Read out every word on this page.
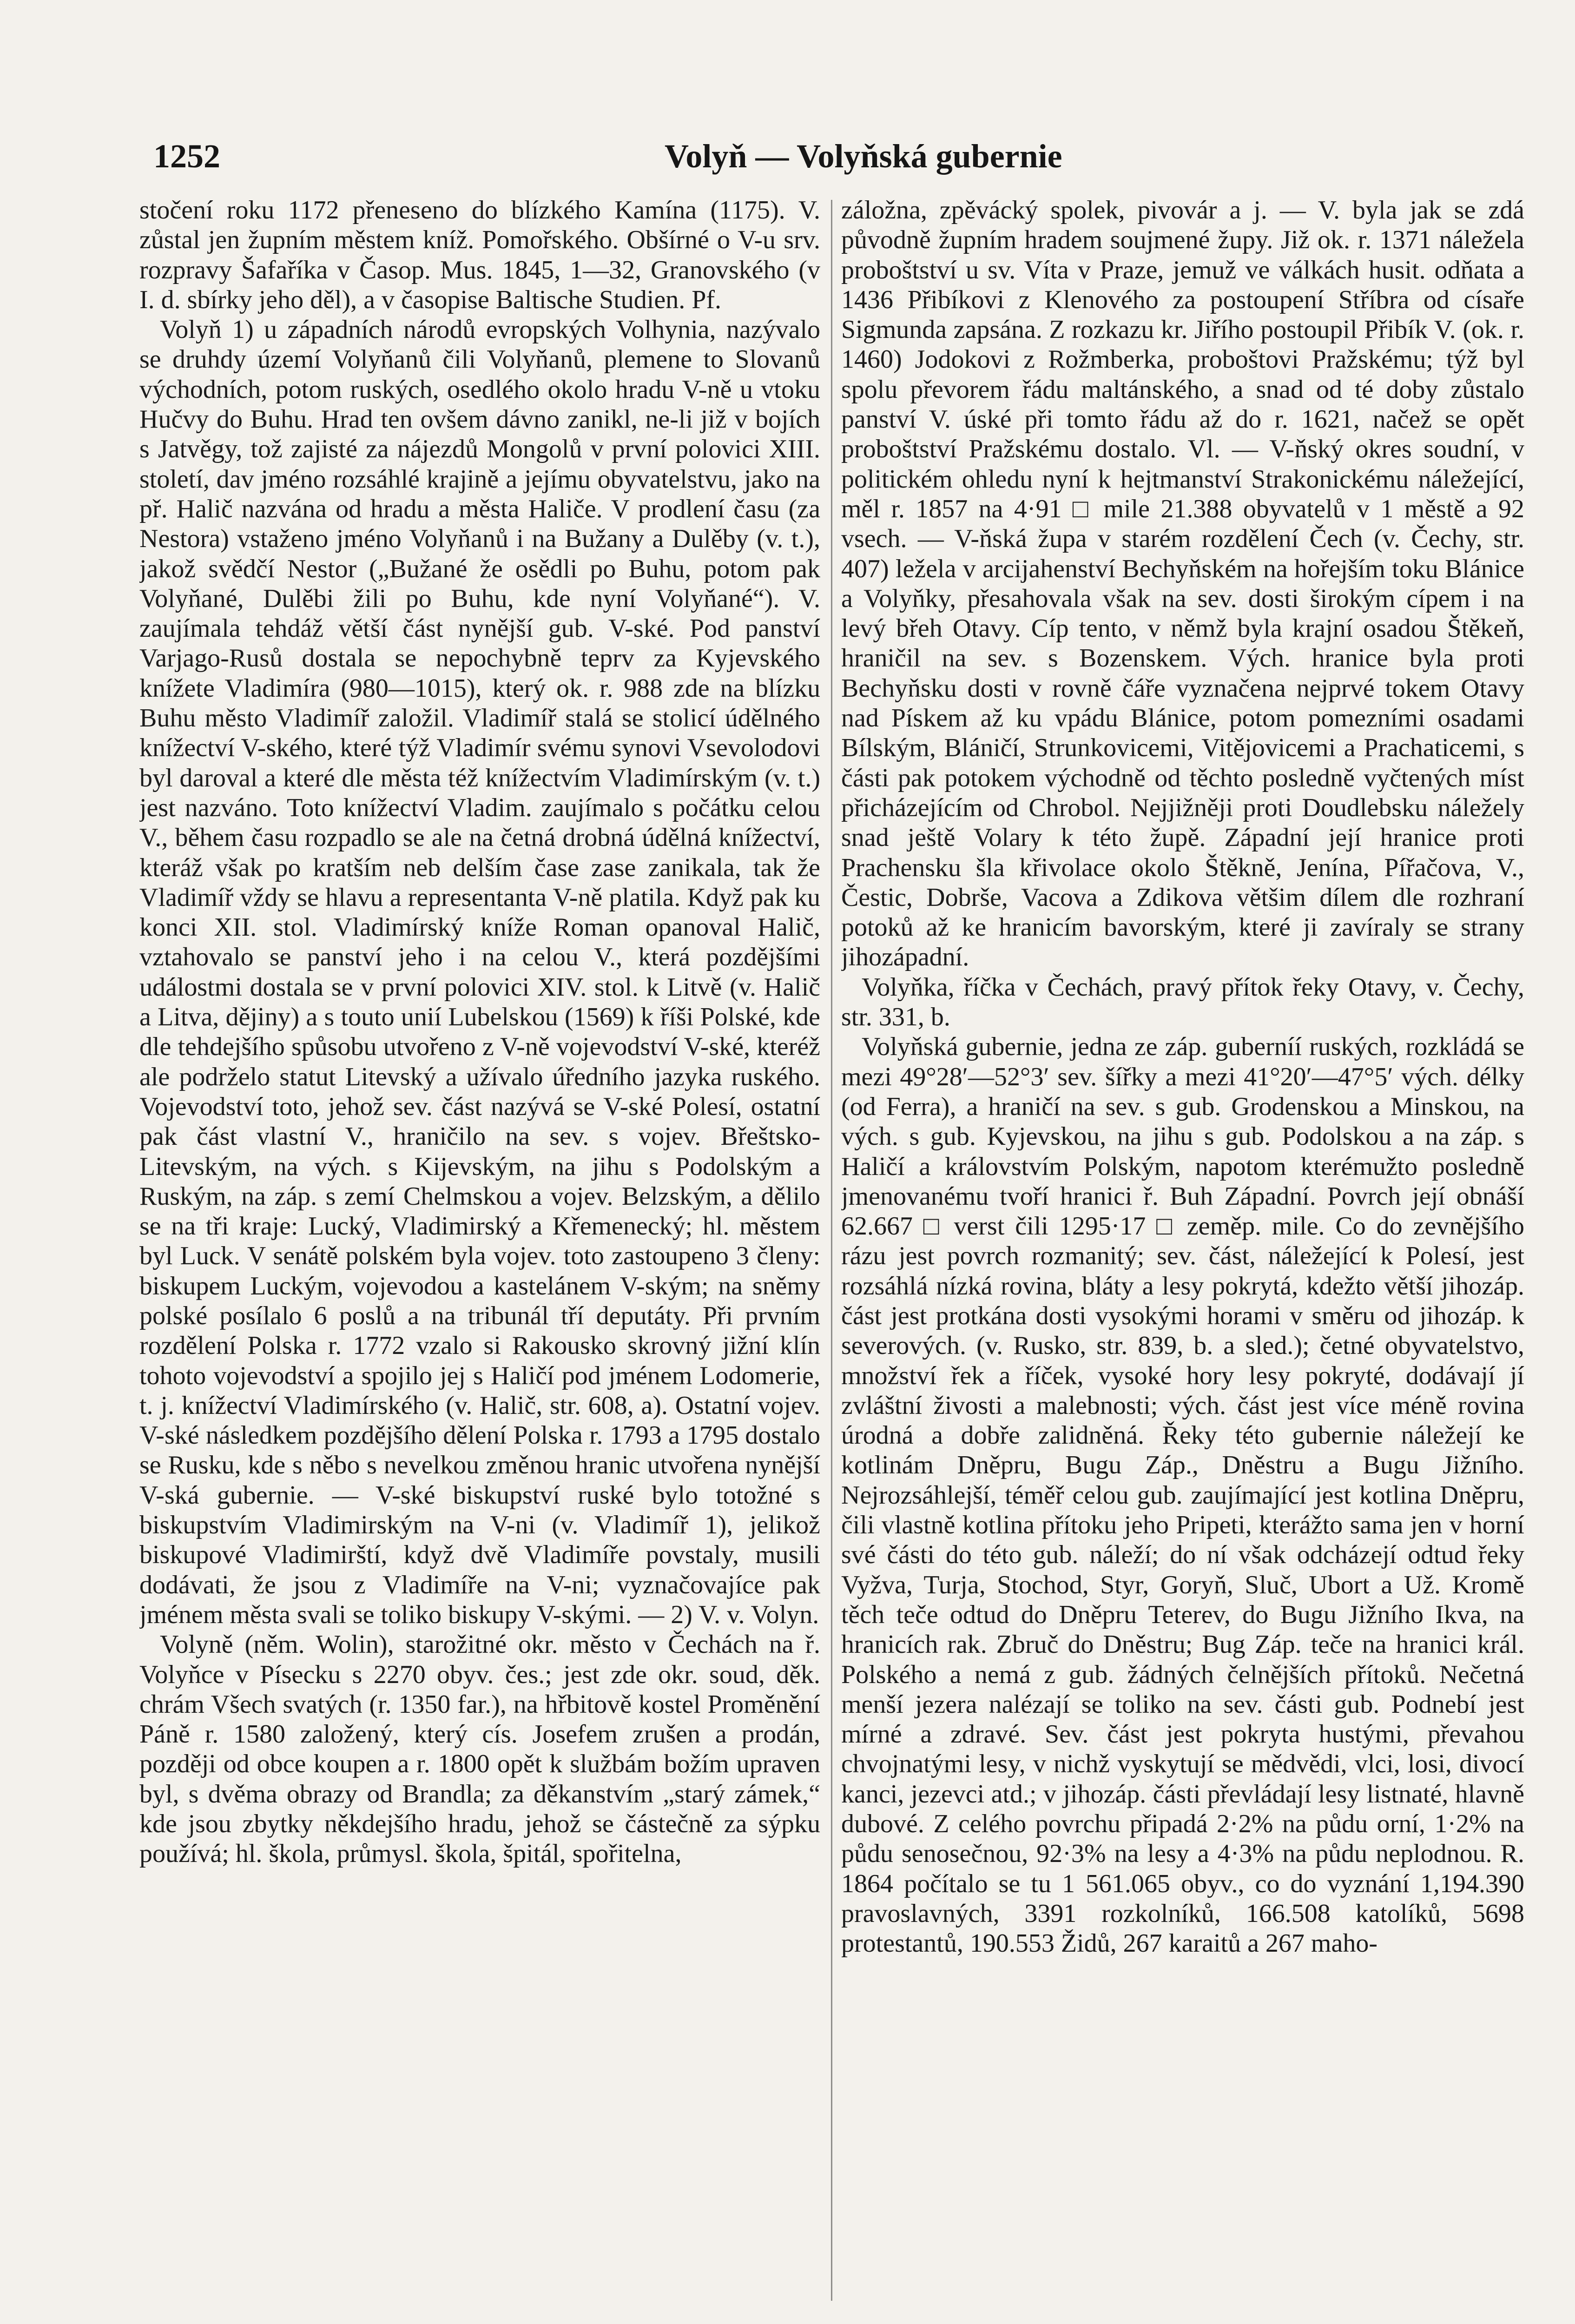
1252	Volyň — Volyňská gubernie

stočení roku 1172 přeneseno do blízkého Kamína (1175). V. zůstal jen župním městem kníž. Pomořského. Obšírné o V-u srv. rozpravy Šafaříka v Časop. Mus. 1845, 1—32, Granovského (v I. d. sbírky jeho děl), a v časopise Baltische Studien. Pf.

Volyň 1) u západních národů evropských Volhynia, nazývalo se druhdy území Volyňanů čili Volyňanů, plemene to Slovanů východních, potom ruských, osedlého okolo hradu V-ně u vtoku Hučvy do Buhu. Hrad ten ovšem dávno zanikl, ne-li již v bojích s Jatvěgy, tož zajisté za nájezdů Mongolů v první polovici XIII. století, dav jméno rozsáhlé krajině a jejímu obyvatelstvu, jako na př. Halič nazvána od hradu a města Haliče. V prodlení času (za Nestora) vstaženo jméno Volyňanů i na Bužany a Dulěby (v. t.), jakož svědčí Nestor („Bužané že osědli po Buhu, potom pak Volyňané, Dulěbi žili po Buhu, kde nyní Volyňané“). V. zaujímala tehdáž větší část nynější gub. V-ské. Pod panství Varjago-Rusů dostala se nepochybně teprv za Kyjevského knížete Vladimíra (980—1015), který ok. r. 988 zde na blízku Buhu město Vladimíř založil. Vladimíř stalá se stolicí údělného knížectví V-ského, které týž Vladimír svému synovi Vsevolodovi byl daroval a které dle města též knížectvím Vladimírským (v. t.) jest nazváno. Toto knížectví Vladim. zaujímalo s počátku celou V., během času rozpadlo se ale na četná drobná údělná knížectví, kteráž však po kratším neb delším čase zase zanikala, tak že Vladimíř vždy se hlavu a representanta V-ně platila. Když pak ku konci XII. stol. Vladimírský kníže Roman opanoval Halič, vztahovalo se panství jeho i na celou V., která pozdějšími událostmi dostala se v první polovici XIV. stol. k Litvě (v. Halič a Litva, dějiny) a s touto unií Lubelskou (1569) k říši Polské, kde dle tehdejšího spůsobu utvořeno z V-ně vojevodství V-ské, kteréž ale podrželo statut Litevský a užívalo úředního jazyka ruského. Vojevodství toto, jehož sev. část nazývá se V-ské Polesí, ostatní pak část vlastní V., hraničilo na sev. s vojev. Břeštsko-Litevským, na vých. s Kijevským, na jihu s Podolským a Ruským, na záp. s zemí Chelmskou a vojev. Belzským, a dělilo se na tři kraje: Lucký, Vladimirský a Křemenecký; hl. městem byl Luck. V senátě polském byla vojev. toto zastoupeno 3 členy: biskupem Luckým, vojevodou a kastelánem V-ským; na sněmy polské posílalo 6 poslů a na tribunál tří deputáty. Při prvním rozdělení Polska r. 1772 vzalo si Rakousko skrovný jižní klín tohoto vojevodství a spojilo jej s Haličí pod jménem Lodomerie, t. j. knížectví Vladimírského (v. Halič, str. 608, a). Ostatní vojev. V-ské následkem pozdějšího dělení Polska r. 1793 a 1795 dostalo se Rusku, kde s něbo s nevelkou změnou hranic utvořena nynější V-ská gubernie. — V-ské biskupství ruské bylo totožné s biskupstvím Vladimirským na V-ni (v. Vladimíř 1), jelikož biskupové Vladimirští, když dvě Vladimíře povstaly, musili dodávati, že jsou z Vladimíře na V-ni; vyznačovajíce pak jménem města svali se toliko biskupy V-skými. — 2) V. v. Volyn.

Volyně (něm. Wolin), starožitné okr. město v Čechách na ř. Volyňce v Písecku s 2270 obyv. čes.; jest zde okr. soud, děk. chrám Všech svatých (r. 1350 far.), na hřbitově kostel Proměnění Páně r. 1580 založený, který cís. Josefem zrušen a prodán, později od obce koupen a r. 1800 opět k službám božím upraven byl, s dvěma obrazy od Brandla; za děkanstvím „starý zámek,“ kde jsou zbytky někdejšího hradu, jehož se částečně za sýpku používá; hl. škola, průmysl. škola, špitál, spořitelna,

záložna, zpěvácký spolek, pivovár a j. — V. byla jak se zdá původně župním hradem soujmené župy. Již ok. r. 1371 náležela proboštství u sv. Víta v Praze, jemuž ve válkách husit. odňata a 1436 Přibíkovi z Klenového za postoupení Stříbra od císaře Sigmunda zapsána. Z rozkazu kr. Jiřího postoupil Přibík V. (ok. r. 1460) Jodokovi z Rožmberka, proboštovi Pražskému; týž byl spolu převorem řádu maltánského, a snad od té doby zůstalo panství V. úské při tomto řádu až do r. 1621, načež se opět proboštství Pražskému dostalo. Vl. — V-ňský okres soudní, v politickém ohledu nyní k hejtmanství Strakonickému náležející, měl r. 1857 na 4·91 □ mile 21.388 obyvatelů v 1 městě a 92 vsech. — V-ňská župa v starém rozdělení Čech (v. Čechy, str. 407) ležela v arcijahenství Bechyňském na hořejším toku Blánice a Volyňky, přesahovala však na sev. dosti širokým cípem i na levý břeh Otavy. Cíp tento, v němž byla krajní osadou Štěkeň, hraničil na sev. s Bozenskem. Vých. hranice byla proti Bechyňsku dosti v rovně čáře vyznačena nejprvé tokem Otavy nad Pískem až ku vpádu Blánice, potom pomezními osadami Bílským, Bláničí, Strunkovicemi, Vitějovicemi a Prachaticemi, s části pak potokem východně od těchto posledně vyčtených míst přicházejícím od Chrobol. Nejjižněji proti Doudlebsku náležely snad ještě Volary k této župě. Západní její hranice proti Prachensku šla křivolace okolo Štěkně, Jenína, Pířačova, V., Čestic, Dobrše, Vacova a Zdikova většim dílem dle rozhraní potoků až ke hranicím bavorským, které ji zavíraly se strany jihozápadní.

Volyňka, říčka v Čechách, pravý přítok řeky Otavy, v. Čechy, str. 331, b.

Volyňská gubernie, jedna ze záp. guberníí ruských, rozkládá se mezi 49°28′—52°3′ sev. šířky a mezi 41°20′—47°5′ vých. délky (od Ferra), a hraničí na sev. s gub. Grodenskou a Minskou, na vých. s gub. Kyjevskou, na jihu s gub. Podolskou a na záp. s Haličí a královstvím Polským, napotom kterémužto posledně jmenovanému tvoří hranici ř. Buh Západní. Povrch její obnáší 62.667 □ verst čili 1295·17 □ zeměp. mile. Co do zevnějšího rázu jest povrch rozmanitý; sev. část, náležející k Polesí, jest rozsáhlá nízká rovina, bláty a lesy pokrytá, kdežto větší jihozáp. část jest protkána dosti vysokými horami v směru od jihozáp. k severových. (v. Rusko, str. 839, b. a sled.); četné obyvatelstvo, množství řek a říček, vysoké hory lesy pokryté, dodávají jí zvláštní živosti a malebnosti; vých. část jest více méně rovina úrodná a dobře zalidněná. Řeky této gubernie náležejí ke kotlinám Dněpru, Bugu Záp., Dněstru a Bugu Jižního. Nejrozsáhlejší, téměř celou gub. zaujímající jest kotlina Dněpru, čili vlastně kotlina přítoku jeho Pripeti, kterážto sama jen v horní své části do této gub. náleží; do ní však odcházejí odtud řeky Vyžva, Turja, Stochod, Styr, Goryň, Sluč, Ubort a Už. Kromě těch teče odtud do Dněpru Teterev, do Bugu Jižního Ikva, na hranicích rak. Zbruč do Dněstru; Bug Záp. teče na hranici král. Polského a nemá z gub. žádných čelnějších přítoků. Nečetná menší jezera nalézají se toliko na sev. části gub. Podnebí jest mírné a zdravé. Sev. část jest pokryta hustými, převahou chvojnatými lesy, v nichž vyskytují se mědvědi, vlci, losi, divocí kanci, jezevci atd.; v jihozáp. části převládají lesy listnaté, hlavně dubové. Z celého povrchu připadá 2·2% na půdu orní, 1·2% na půdu senosečnou, 92·3% na lesy a 4·3% na půdu neplodnou. R. 1864 počítalo se tu 1 561.065 obyv., co do vyznání 1,194.390 pravoslavných, 3391 rozkolníků, 166.508 katolíků, 5698 protestantů, 190.553 Židů, 267 karaitů a 267 maho-
